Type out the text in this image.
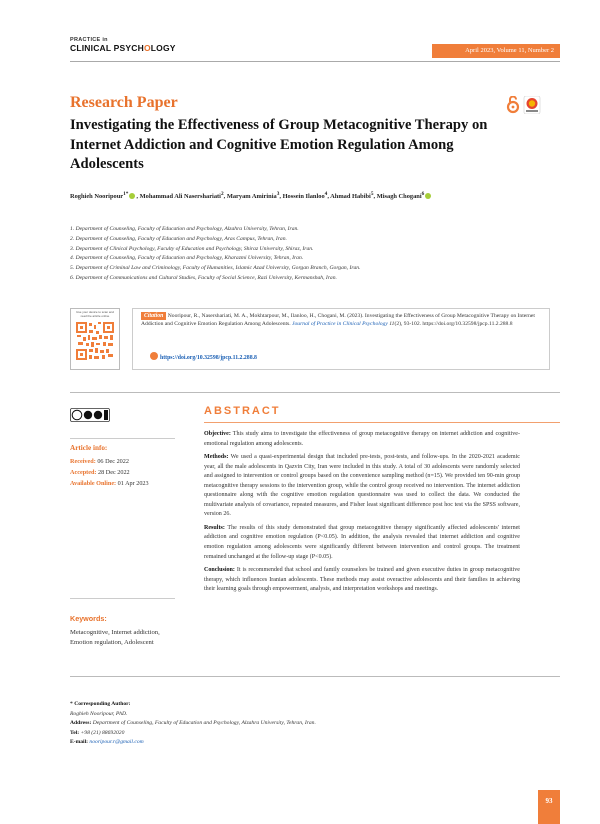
PRACTICE in
CLINICAL PSYCHOLOGY	April 2023, Volume 11, Number 2
Research Paper
Investigating the Effectiveness of Group Metacognitive Therapy on Internet Addiction and Cognitive Emotion Regulation Among Adolescents
Roghieh Nooripour$^{1*}$ , Mohammad Ali Nasershariati$^2$, Maryam Amirinia$^3$, Hossein Ilanloo$^4$, Ahmad Habibi$^5$, Misagh Chogani$^6$
1. Department of Counseling, Faculty of Education and Psychology, Alzahra University, Tehran, Iran.
2. Department of Counseling, Faculty of Education and Psychology, Aras Campus, Tehran, Iran.
3. Department of Clinical Psychology, Faculty of Education and Psychology, Shiraz University, Shiraz, Iran.
4. Department of Counseling, Faculty of Education and Psychology, Kharazmi University, Tehran, Iran.
5. Department of Criminal Law and Criminology, Faculty of Humanities, Islamic Azad University, Gorgan Branch, Gorgan, Iran.
6. Department of Communications and Cultural Studies, Faculty of Social Science, Razi University, Kermanshah, Iran.
Use your device to scan and read the article online	Citation Nooripour, R., Nasershariati, M. A., Mokhtarpour, M., Ilanloo, H., Chogani, M. (2023). Investigating the Effectiveness of Group Metacognitive Therapy on Internet Addiction and Cognitive Emotion Regulation Among Adolescents. Journal of Practice in Clinical Psychology 11(2), 93-102. https://doi.org/10.32598/jpcp.11.2.288.8
https://doi.org/10.32598/jpcp.11.2.288.8
Article info:
Received: 06 Dec 2022
Accepted: 28 Dec 2022
Available Online: 01 Apr 2023
Keywords:
Metacognitive, Internet addiction, Emotion regulation, Adolescent
ABSTRACT

Objective: This study aims to investigate the effectiveness of group metacognitive therapy on internet addiction and cognitive-emotional regulation among adolescents.

Methods: We used a quasi-experimental design that included pre-tests, post-tests, and follow-ups. In the 2020-2021 academic year, all the male adolescents in Qazvin City, Iran were included in this study. A total of 30 adolescents were randomly selected and assigned to intervention or control groups based on the convenience sampling method (n=15). We provided ten 90-min group metacognitive therapy sessions to the intervention group, while the control group received no intervention. The internet addiction questionnaire along with the cognitive emotion regulation questionnaire was used to collect the data. We conducted the multivariate analysis of covariance, repeated measures, and Fisher least significant difference post hoc test via the SPSS software, version 26.

Results: The results of this study demonstrated that group metacognitive therapy significantly affected adolescents' internet addiction and cognitive emotion regulation (P<0.05). In addition, the analysis revealed that internet addiction and cognitive emotion regulation among adolescents were significantly different between intervention and control groups. The treatment remained unchanged at the follow-up stage (P<0.05).

Conclusion: It is recommended that school and family counselors be trained and given executive duties in group metacognitive therapy, which influences Iranian adolescents. These methods may assist overactive adolescents and their families in achieving their learning goals through empowerment, analysis, and interpretation workshops and meetings.

* Corresponding Author:
Roghieh Nooripour, PhD.
Address: Department of Counseling, Faculty of Education and Psychology, Alzahra University, Tehran, Iran.
Tel: +98 (21) 88692020
E-mail: nooripour.r@gmail.com
93
